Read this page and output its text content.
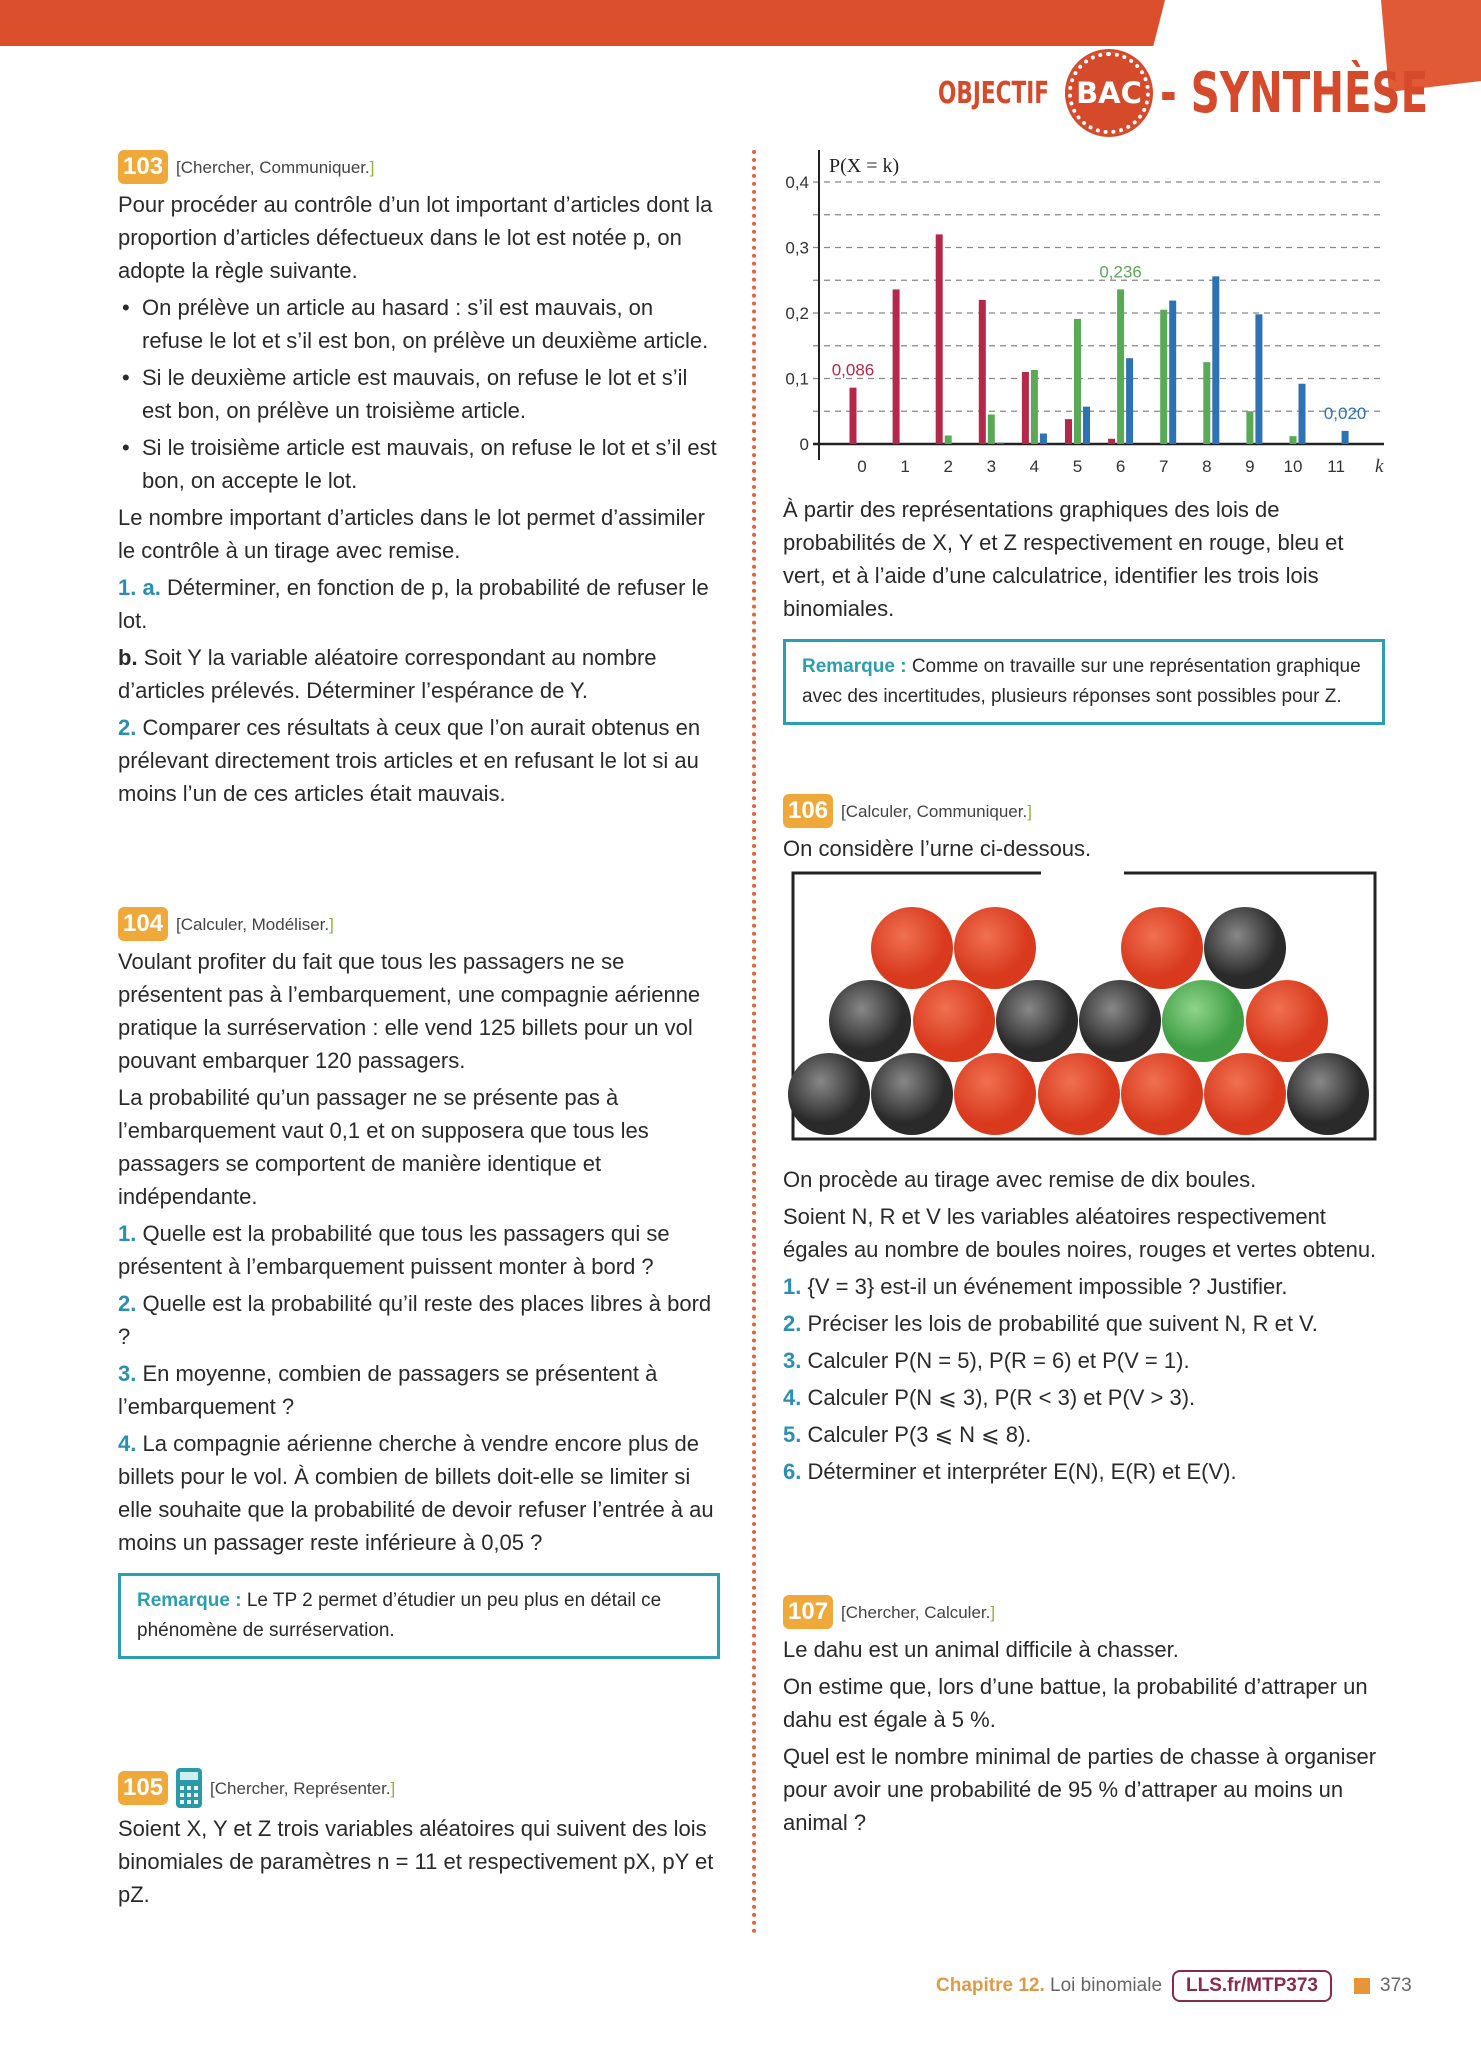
OBJECTIF BAC - SYNTHÈSE
103 [Chercher, Communiquer.]

Pour procéder au contrôle d’un lot important d’articles dont la proportion d’articles défectueux dans le lot est notée p, on adopte la règle suivante.

• On prélève un article au hasard : s’il est mauvais, on refuse le lot et s’il est bon, on prélève un deuxième article.
• Si le deuxième article est mauvais, on refuse le lot et s’il est bon, on prélève un troisième article.
• Si le troisième article est mauvais, on refuse le lot et s’il est bon, on accepte le lot.

Le nombre important d’articles dans le lot permet d’assimiler le contrôle à un tirage avec remise.

1. a. Déterminer, en fonction de p, la probabilité de refuser le lot.

b. Soit Y la variable aléatoire correspondant au nombre d’articles prélevés. Déterminer l’espérance de Y.

2. Comparer ces résultats à ceux que l’on aurait obtenus en prélevant directement trois articles et en refusant le lot si au moins l’un de ces articles était mauvais.

104 [Calculer, Modéliser.]

Voulant profiter du fait que tous les passagers ne se présentent pas à l’embarquement, une compagnie aérienne pratique la surréservation : elle vend 125 billets pour un vol pouvant embarquer 120 passagers.

La probabilité qu’un passager ne se présente pas à l’embarquement vaut 0,1 et on supposera que tous les passagers se comportent de manière identique et indépendante.

1. Quelle est la probabilité que tous les passagers qui se présentent à l’embarquement puissent monter à bord ?

2. Quelle est la probabilité qu’il reste des places libres à bord ?

3. En moyenne, combien de passagers se présentent à l’embarquement ?

4. La compagnie aérienne cherche à vendre encore plus de billets pour le vol. À combien de billets doit-elle se limiter si elle souhaite que la probabilité de devoir refuser l’entrée à au moins un passager reste inférieure à 0,05 ?

Remarque : Le TP 2 permet d’étudier un peu plus en détail ce phénomène de surréservation.
105	[Chercher, Représenter.]

Soient X, Y et Z trois variables aléatoires qui suivent des lois binomiales de paramètres n = 11 et respectivement pX, pY et pZ.

0
0,1
0,2
0,3
0,4
P(X = k)
0 1 2 3 4 5 6 7 8 9 10 11 k
0,086
0,236
0,020

À partir des représentations graphiques des lois de probabilités de X, Y et Z respectivement en rouge, bleu et vert, et à l’aide d’une calculatrice, identifier les trois lois binomiales.

Remarque : Comme on travaille sur une représentation graphique avec des incertitudes, plusieurs réponses sont possibles pour Z.
106 [Calculer, Communiquer.]

On considère l’urne ci-dessous.

On procède au tirage avec remise de dix boules.

Soient N, R et V les variables aléatoires respectivement égales au nombre de boules noires, rouges et vertes obtenu.

1. {V = 3} est-il un événement impossible ? Justifier.

2. Préciser les lois de probabilité que suivent N, R et V.

3. Calculer P(N = 5), P(R = 6) et P(V = 1).

4. Calculer P(N ⩽ 3), P(R < 3) et P(V > 3).

5. Calculer P(3 ⩽ N ⩽ 8).

6. Déterminer et interpréter E(N), E(R) et E(V).

107 [Chercher, Calculer.]

Le dahu est un animal difficile à chasser.

On estime que, lors d’une battue, la probabilité d’attraper un dahu est égale à 5 %.

Quel est le nombre minimal de parties de chasse à organiser pour avoir une probabilité de 95 % d’attraper au moins un animal ?

Chapitre 12. Loi binomiale	LLS.fr/MTP373	373
